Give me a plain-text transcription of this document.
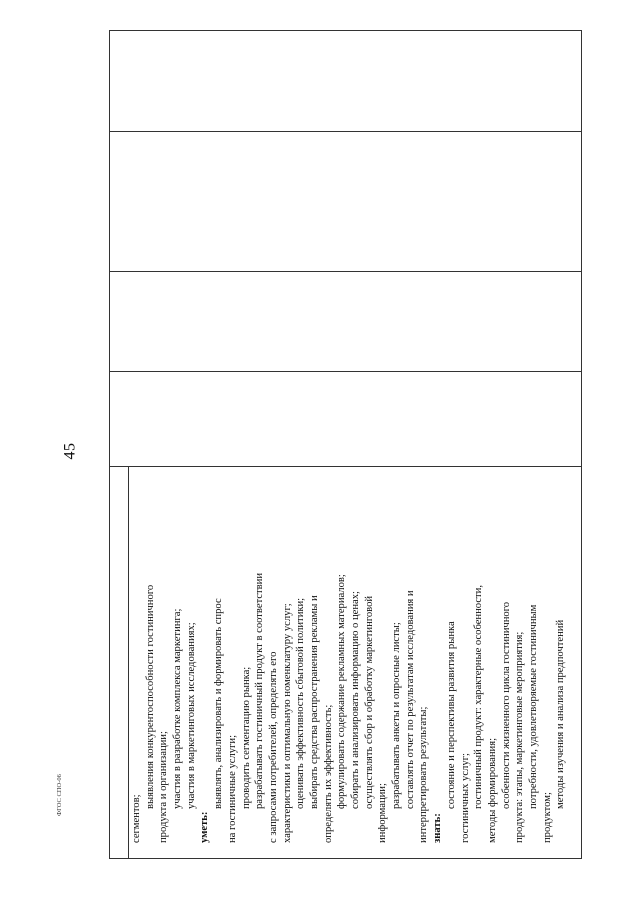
45
сегментов;
выявления конкурентоспособности гостиничного продукта и организации; участия в разработке комплекса маркетинга; участия в маркетинговых исследованиях;
уметь:
выявлять, анализировать и формировать спрос на гостиничные услуги; проводить сегментацию рынка; разрабатывать гостиничный продукт в соответствии с запросами потребителей, определять его характеристики и оптимальную номенклатуру услуг; оценивать эффективность сбытовой политики; выбирать средства распространения рекламы и определять их эффективность; формулировать содержание рекламных материалов; собирать и анализировать информацию о ценах; осуществлять сбор и обработку маркетинговой
информации;
разрабатывать анкеты и опросные листы; составлять отчет по результатам исследования и интерпретировать результаты; знать:
состояние и перспективы развития рынка гостиничных услуг; гостиничный продукт: характерные особенности, методы формирования; особенности жизненного цикла гостиничного продукта: этапы, маркетинговые мероприятия; потребности, удовлетворяемые гостиничным
продуктом;
методы изучения и анализа предпочтений
ФГОС СПО-06
